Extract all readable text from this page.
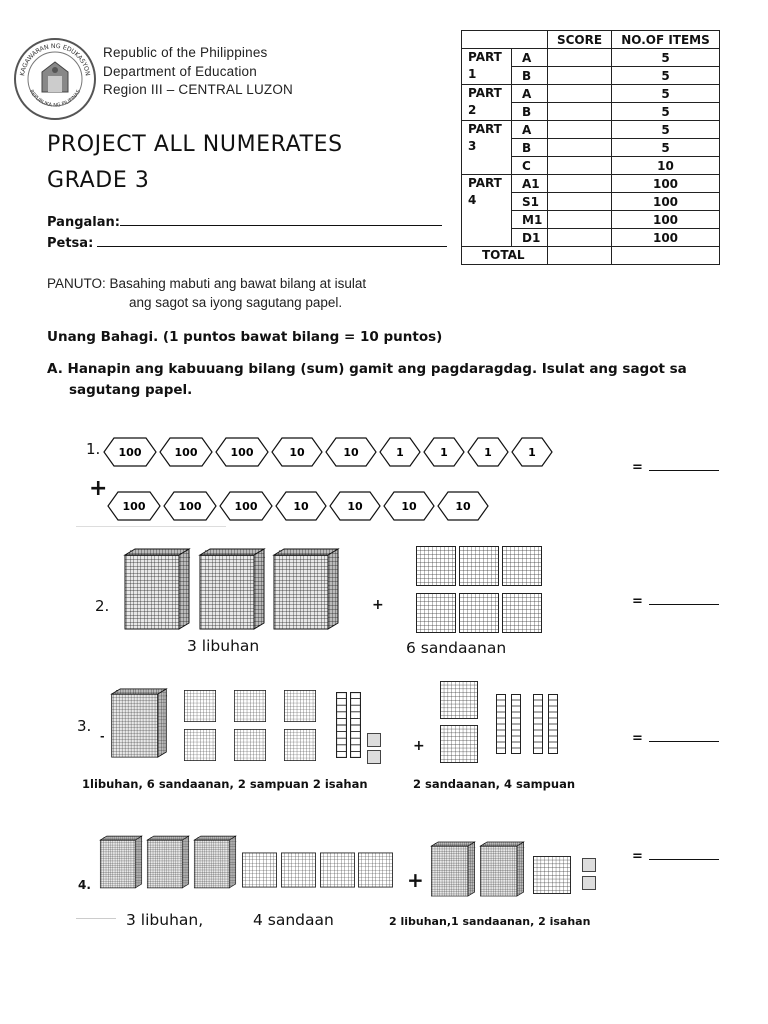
KAGAWARAN NG EDUKASYON
REPUBLIKA NG PILIPINAS
Republic of the Philippines
Department of Education
Region III – CENTRAL LUZON
PROJECT ALL NUMERATES
GRADE 3
Pangalan:
Petsa:
PANUTO: Basahing mabuti ang bawat bilang at isulat
ang sagot sa iyong sagutang papel.
		SCORE	NO.OF ITEMS
PART 1	A		5
	B		5
PART 2	A		5
	B		5
PART 3	A		5
	B		5
	C		10
PART 4	A1		100
	S1		100
	M1		100
	D1		100
TOTAL			
Unang Bahagi. (1 puntos bawat bilang = 10 puntos)
A. Hanapin ang kabuuang bilang (sum) gamit ang pagdaragdag. Isulat ang sagot sa
sagutang papel.
1.
+
100	100	100	10	10	1	1	1	1
100	100	100	10	10	10	10
=
2.
3 libuhan
+
6 sandaanan
=
3.
-
1libuhan, 6 sandaanan, 2 sampuan 2 isahan
+
2 sandaanan, 4 sampuan
=
4.
3 libuhan,	4 sandaan
+
2 libuhan,1 sandaanan, 2 isahan
=
